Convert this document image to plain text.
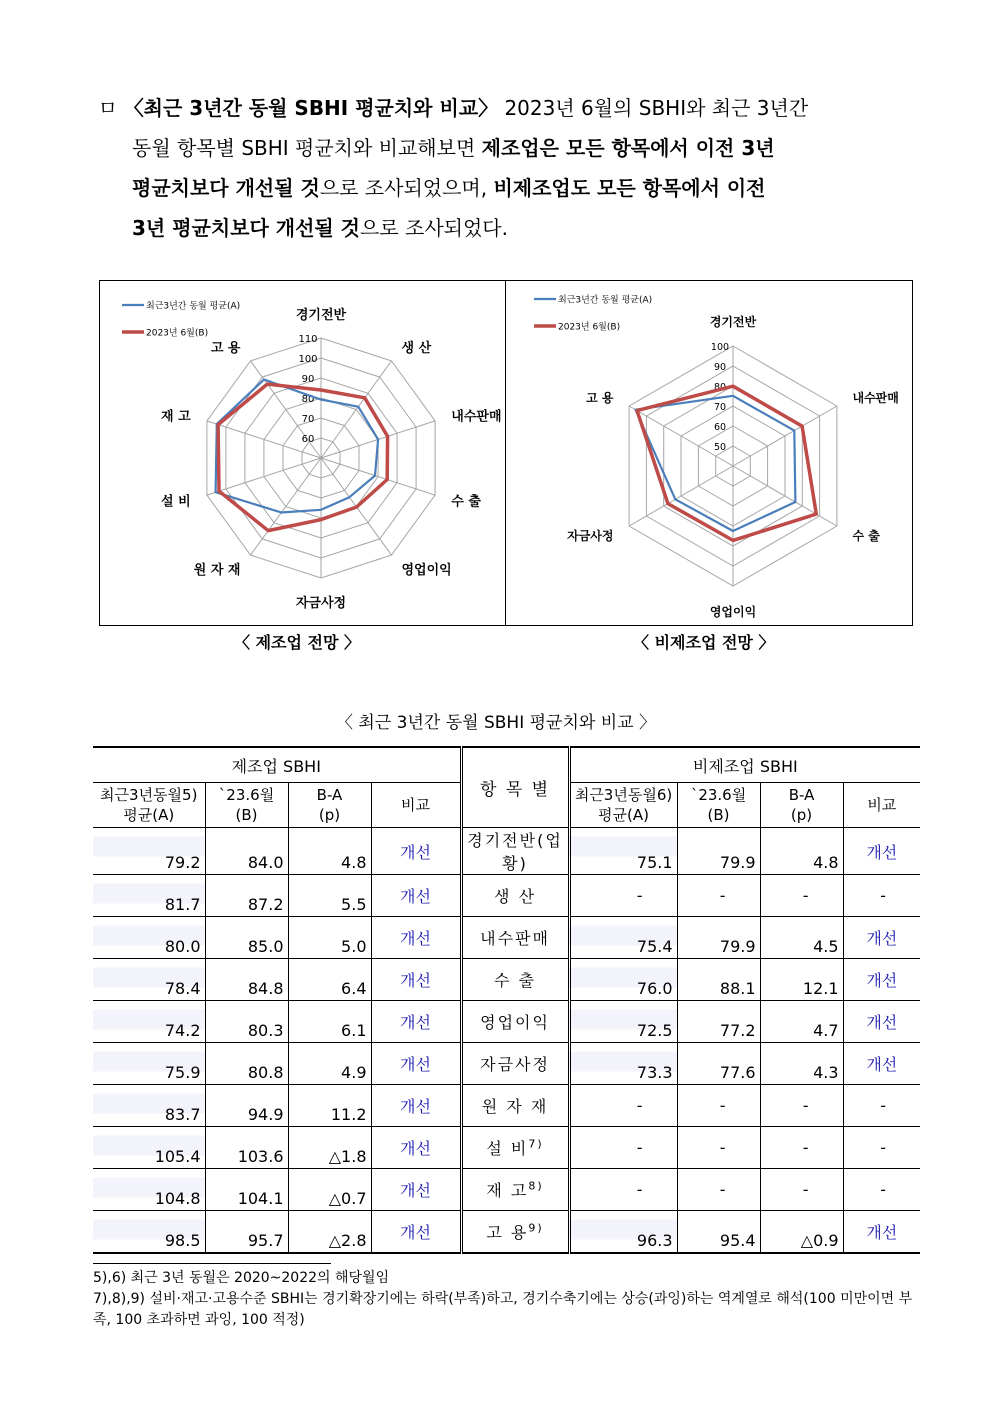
ㅁ 〈최근 3년간 동월 SBHI 평균치와 비교〉 2023년 6월의 SBHI와 최근 3년간
동월 항목별 SBHI 평균치와 비교해보면 제조업은 모든 항목에서 이전 3년
평균치보다 개선될 것으로 조사되었으며, 비제조업도 모든 항목에서 이전
3년 평균치보다 개선될 것으로 조사되었다.
60
70
80
90
100
110
경기전반
생 산
내수판매
수 출
영업이익
자금사정
원 자 재
설 비
재 고
고 용
최근3년간 동월 평균(A)
2023년 6월(B)
50
60
70
80
90
100
경기전반
내수판매
수 출
영업이익
자금사정
고 용
최근3년간 동월 평균(A)
2023년 6월(B)
〈 제조업 전망 〉	〈 비제조업 전망 〉
〈 최근 3년간 동월 SBHI 평균치와 비교 〉
제조업 SBHI				항 목 별	비제조업 SBHI			
최근3년동월5)
평균(A)	`23.6월
(B)	B-A
(p)	비교		최근3년동월6)
평균(A)	`23.6월
(B)	B-A
(p)	비교
79.2	84.0	4.8	개선	경기전반(업황)	75.1	79.9	4.8	개선
81.7	87.2	5.5	개선	생 산	-	-	-	-
80.0	85.0	5.0	개선	내수판매	75.4	79.9	4.5	개선
78.4	84.8	6.4	개선	수 출	76.0	88.1	12.1	개선
74.2	80.3	6.1	개선	영업이익	72.5	77.2	4.7	개선
75.9	80.8	4.9	개선	자금사정	73.3	77.6	4.3	개선
83.7	94.9	11.2	개선	원 자 재	-	-	-	-
105.4	103.6	△1.8	개선	설 비$^{7)}$	-	-	-	-
104.8	104.1	△0.7	개선	재 고$^{8)}$	-	-	-	-
98.5	95.7	△2.8	개선	고 용$^{9)}$	96.3	95.4	△0.9	개선
5),6) 최근 3년 동월은 2020~2022의 해당월임
7),8),9) 설비·재고·고용수준 SBHI는 경기확장기에는 하락(부족)하고, 경기수축기에는 상승(과잉)하는 역계열로 해석(100 미만이면 부족, 100 초과하면 과잉, 100 적정)
